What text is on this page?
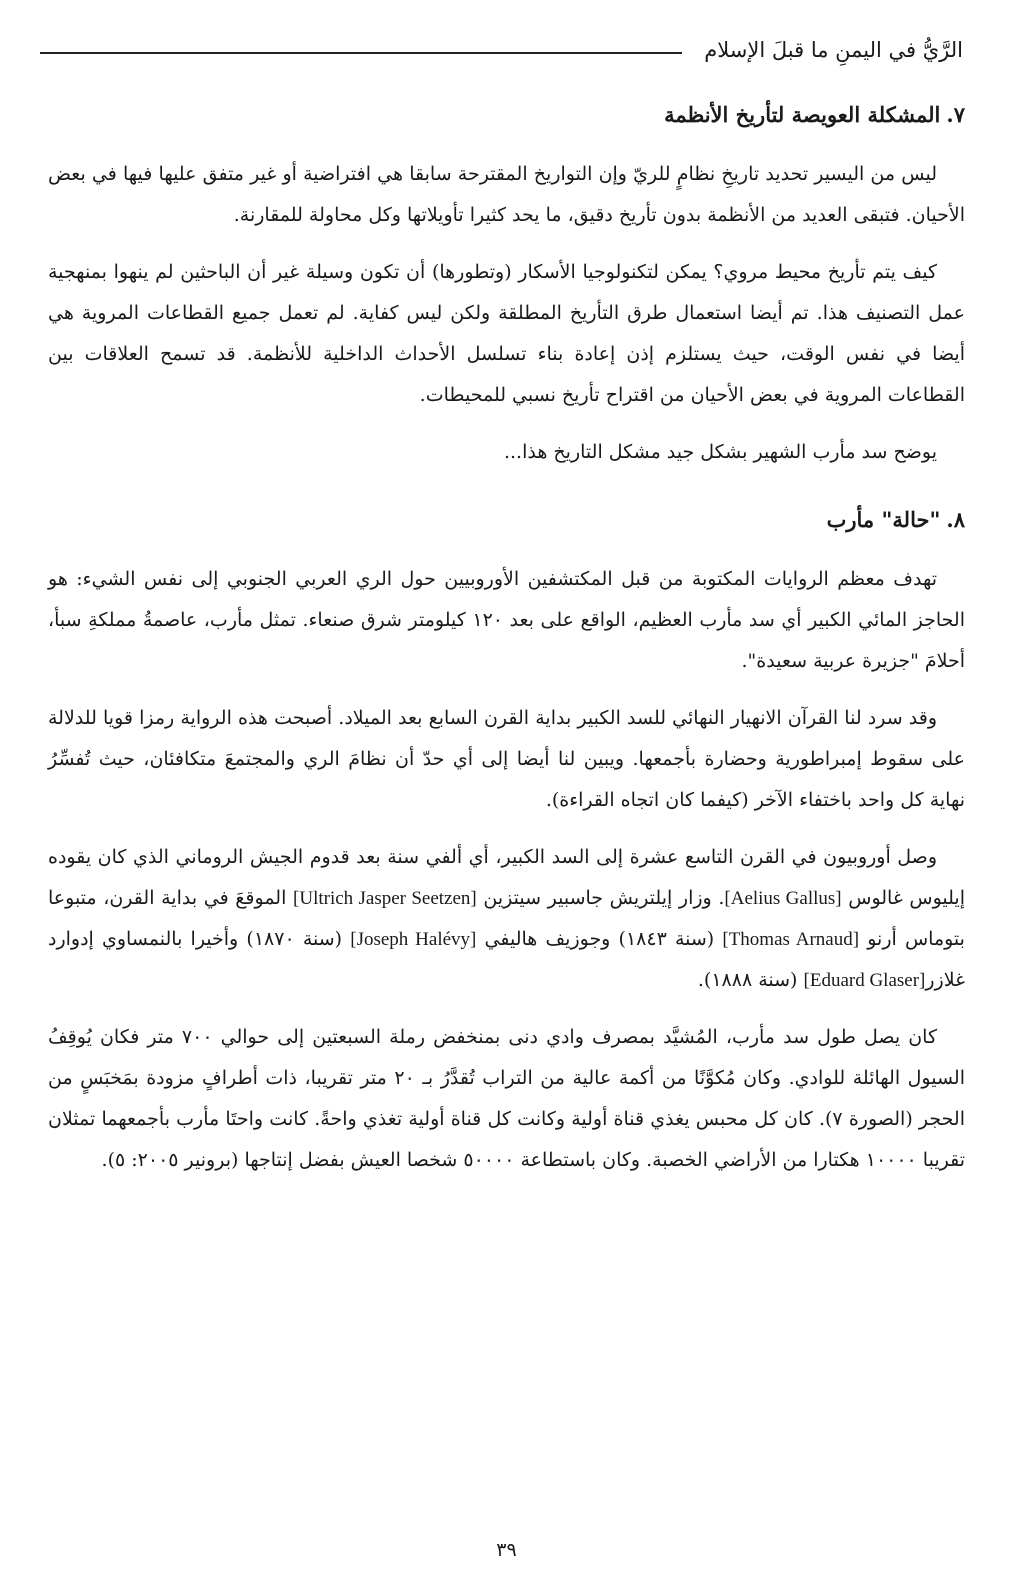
الرَّيُّ في اليمنِ ما قبلَ الإسلام
٧.المشكلة العويصة لتأريخ الأنظمة

ليس من اليسير تحديد تاريخِ نظامٍ للريّ وإن التواريخ المقترحة سابقا هي افتراضية أو غير متفق عليها فيها في بعض الأحيان. فتبقى العديد من الأنظمة بدون تأريخ دقيق، ما يحد كثيرا تأويلاتها وكل محاولة للمقارنة.

كيف يتم تأريخ محيط مروي؟ يمكن لتكنولوجيا الأسكار (وتطورها) أن تكون وسيلة غير أن الباحثين لم ينهوا بمنهجية عمل التصنيف هذا. تم أيضا استعمال طرق التأريخ المطلقة ولكن ليس كفاية. لم تعمل جميع القطاعات المروية هي أيضا في نفس الوقت، حيث يستلزم إذن إعادة بناء تسلسل الأحداث الداخلية للأنظمة. قد تسمح العلاقات بين القطاعات المروية في بعض الأحيان من اقتراح تأريخ نسبي للمحيطات.

يوضح سد مأرب الشهير بشكل جيد مشكل التاريخ هذا...

٨."حالة" مأرب

تهدف معظم الروايات المكتوبة من قبل المكتشفين الأوروبيين حول الري العربي الجنوبي إلى نفس الشيء: هو الحاجز المائي الكبير أي سد مأرب العظيم، الواقع على بعد ١٢٠ كيلومتر شرق صنعاء. تمثل مأرب، عاصمةُ مملكةِ سبأ، أحلامَ "جزيرة عربية سعيدة".

وقد سرد لنا القرآن الانهيار النهائي للسد الكبير بداية القرن السابع بعد الميلاد. أصبحت هذه الرواية رمزا قويا للدلالة على سقوط إمبراطورية وحضارة بأجمعها. ويبين لنا أيضا إلى أي حدّ أن نظامَ الري والمجتمعَ متكافئان، حيث تُفسِّرُ نهاية كل واحد باختفاء الآخر (كيفما كان اتجاه القراءة).

وصل أوروبيون في القرن التاسع عشرة إلى السد الكبير، أي ألفي سنة بعد قدوم الجيش الروماني الذي كان يقوده إيليوس غالوس [Aelius Gallus]. وزار إيلتريش جاسبير سيتزين [Ultrich Jasper Seetzen] الموقعَ في بداية القرن، متبوعا بتوماس أرنو [Thomas Arnaud] (سنة ١٨٤٣) وجوزيف هاليفي [Joseph Halévy] (سنة ١٨٧٠) وأخيرا بالنمساوي إدوارد غلازر[Eduard Glaser] (سنة ١٨٨٨).

كان يصل طول سد مأرب، المُشيَّد بمصرف وادي دنى بمنخفض رملة السبعتين إلى حوالي ٧٠٠ متر فكان يُوقِفُ السيول الهائلة للوادي. وكان مُكوَّنًا من أكمة عالية من التراب تُقدَّرُ بـ ٢٠ متر تقريبا، ذات أطرافٍ مزودة بمَخبَسٍ من الحجر (الصورة ٧). كان كل محبس يغذي قناة أولية وكانت كل قناة أولية تغذي واحةً. كانت واحتَا مأرب بأجمعهما تمثلان تقريبا ١٠٠٠٠ هكتارا من الأراضي الخصبة. وكان باستطاعة ٥٠٠٠٠ شخصا العيش بفضل إنتاجها (برونير ٢٠٠٥: ٥).

٣٩
